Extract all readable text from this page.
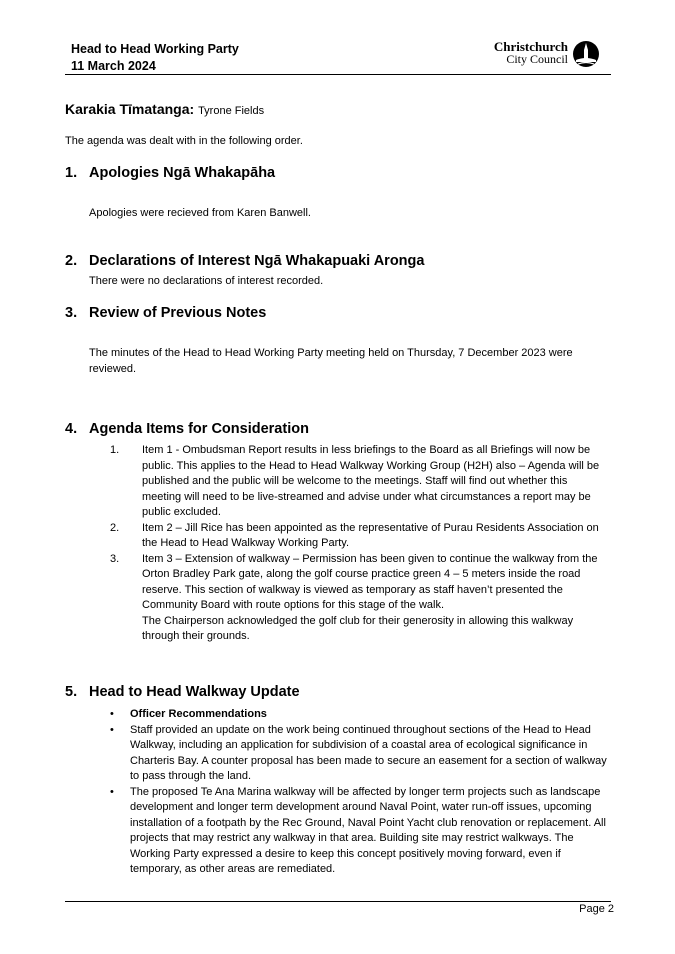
Head to Head Working Party
11 March 2024
Christchurch
City Council
Karakia Tīmatanga: Tyrone Fields
The agenda was dealt with in the following order.
1. Apologies Ngā Whakapāha
Apologies were recieved from Karen Banwell.
2. Declarations of Interest Ngā Whakapuaki Aronga
There were no declarations of interest recorded.
3. Review of Previous Notes
The minutes of the Head to Head Working Party meeting held on Thursday, 7 December 2023 were reviewed.
4. Agenda Items for Consideration
1. Item 1 - Ombudsman Report results in less briefings to the Board as all Briefings will now be public. This applies to the Head to Head Walkway Working Group (H2H) also – Agenda will be published and the public will be welcome to the meetings. Staff will find out whether this meeting will need to be live-streamed and advise under what circumstances a report may be public excluded.
2. Item 2 – Jill Rice has been appointed as the representative of Purau Residents Association on the Head to Head Walkway Working Party.
3. Item 3 – Extension of walkway – Permission has been given to continue the walkway from the Orton Bradley Park gate, along the golf course practice green 4 – 5 meters inside the road reserve. This section of walkway is viewed as temporary as staff haven’t presented the Community Board with route options for this stage of the walk.
The Chairperson acknowledged the golf club for their generosity in allowing this walkway through their grounds.
5. Head to Head Walkway Update
• Officer Recommendations
• Staff provided an update on the work being continued throughout sections of the Head to Head Walkway, including an application for subdivision of a coastal area of ecological significance in Charteris Bay. A counter proposal has been made to secure an easement for a section of walkway to pass through the land.
• The proposed Te Ana Marina walkway will be affected by longer term projects such as landscape development and longer term development around Naval Point, water run-off issues, upcoming installation of a footpath by the Rec Ground, Naval Point Yacht club renovation or replacement. All projects that may restrict any walkway in that area. Building site may restrict walkways. The Working Party expressed a desire to keep this concept positively moving forward, even if temporary, as other areas are remediated.
Page 2
